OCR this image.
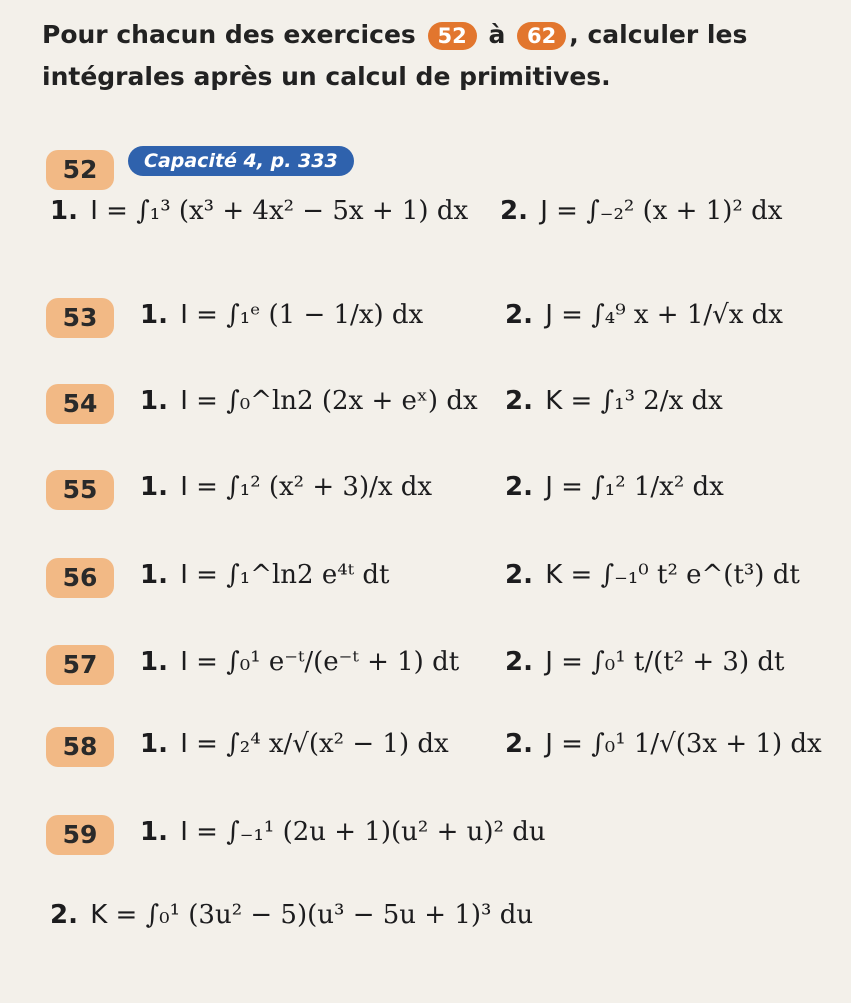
Pour chacun des exercices 52 à 62 , calculer les intégrales après un calcul de primitives.
52	Capacité 4, p. 333
1. I = ∫₁³ (x³ + 4x² − 5x + 1) dx 2. J = ∫₋₂² (x + 1)² dx
53	1. I = ∫₁ᵉ (1 − 1/x) dx	2. J = ∫₄⁹ x + 1/√x dx
54	1. I = ∫₀^ln2 (2x + eˣ) dx 2. K = ∫₁³ 2/x dx
55	1. I = ∫₁² (x² + 3)/x dx	2. J = ∫₁² 1/x² dx
56	1. I = ∫₁^ln2 e⁴ᵗ dt	2. K = ∫₋₁⁰ t² e^(t³) dt
57	1. I = ∫₀¹ e⁻ᵗ/(e⁻ᵗ + 1) dt 2. J = ∫₀¹ t/(t² + 3) dt
58	1. I = ∫₂⁴ x/√(x² − 1) dx 2. J = ∫₀¹ 1/√(3x + 1) dx
59	1. I = ∫₋₁¹ (2u + 1)(u² + u)² du
2. K = ∫₀¹ (3u² − 5)(u³ − 5u + 1)³ du
